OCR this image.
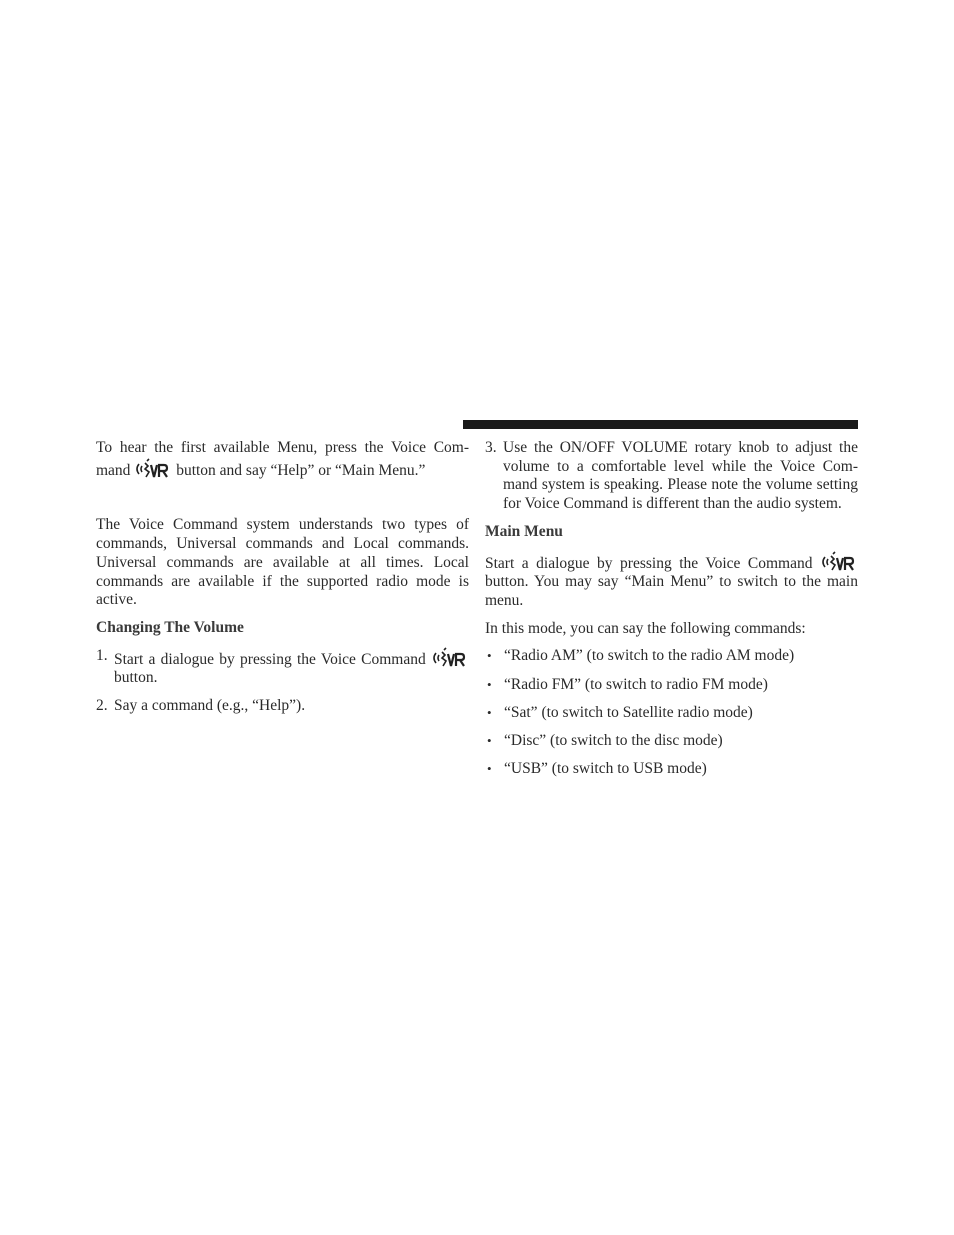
To hear the first available Menu, press the Voice Com- mand	button and say “Help” or “Main Menu.”

The Voice Command system understands two types of commands, Universal commands and Local commands. Universal commands are available at all times. Local commands are available if the supported radio mode is active.

Changing The Volume
1. Start a dialogue by pressing the Voice Command button.
2. Say a command (e.g., “Help”).
3. Use the ON/OFF VOLUME rotary knob to adjust the volume to a comfortable level while the Voice Com- mand system is speaking. Please note the volume setting for Voice Command is different than the audio system.
Main Menu

Start a dialogue by pressing the Voice Command button. You may say “Main Menu” to switch to the main menu.

In this mode, you can say the following commands:

• “Radio AM” (to switch to the radio AM mode)
• “Radio FM” (to switch to radio FM mode)
• “Sat” (to switch to Satellite radio mode)
• “Disc” (to switch to the disc mode)
• “USB” (to switch to USB mode)
